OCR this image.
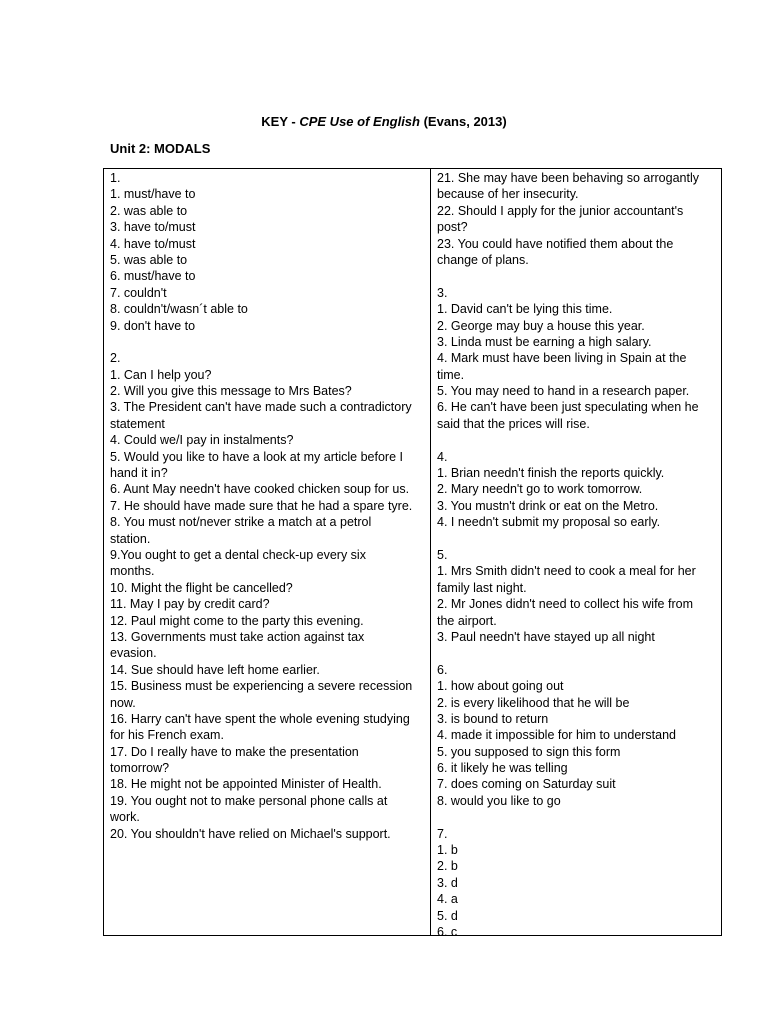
KEY - CPE Use of English (Evans, 2013)
Unit 2: MODALS
1.
1. must/have to
2. was able to
3. have to/must
4. have to/must
5. was able to
6. must/have to
7. couldn't
8. couldn't/wasn´t able to
9. don't have to
2.
1. Can I help you?
2. Will you give this message to Mrs Bates?
3. The President can't have made such a contradictory
statement
4. Could we/I pay in instalments?
5. Would you like to have a look at my article before I
hand it in?
6. Aunt May needn't have cooked chicken soup for us.
7. He should have made sure that he had a spare tyre.
8. You must not/never strike a match at a petrol
station.
9.You ought to get a dental check-up every six
months.
10. Might the flight be cancelled?
11. May I pay by credit card?
12. Paul might come to the party this evening.
13. Governments must take action against tax
evasion.
14. Sue should have left home earlier.
15. Business must be experiencing a severe recession
now.
16. Harry can't have spent the whole evening studying
for his French exam.
17. Do I really have to make the presentation
tomorrow?
18. He might not be appointed Minister of Health.
19. You ought not to make personal phone calls at
work.
20. You shouldn't have relied on Michael's support.
21. She may have been behaving so arrogantly
because of her insecurity.
22. Should I apply for the junior accountant's
post?
23. You could have notified them about the
change of plans.
3.
1. David can't be lying this time.
2. George may buy a house this year.
3. Linda must be earning a high salary.
4. Mark must have been living in Spain at the
time.
5. You may need to hand in a research paper.
6. He can't have been just speculating when he
said that the prices will rise.
4.
1. Brian needn't finish the reports quickly.
2. Mary needn't go to work tomorrow.
3. You mustn't drink or eat on the Metro.
4. I needn't submit my proposal so early.
5.
1. Mrs Smith didn't need to cook a meal for her
family last night.
2. Mr Jones didn't need to collect his wife from
the airport.
3. Paul needn't have stayed up all night
6.
1. how about going out
2. is every likelihood that he will be
3. is bound to return
4. made it impossible for him to understand
5. you supposed to sign this form
6. it likely he was telling
7. does coming on Saturday suit
8. would you like to go
7.
1. b
2. b
3. d
4. a
5. d
6. c
